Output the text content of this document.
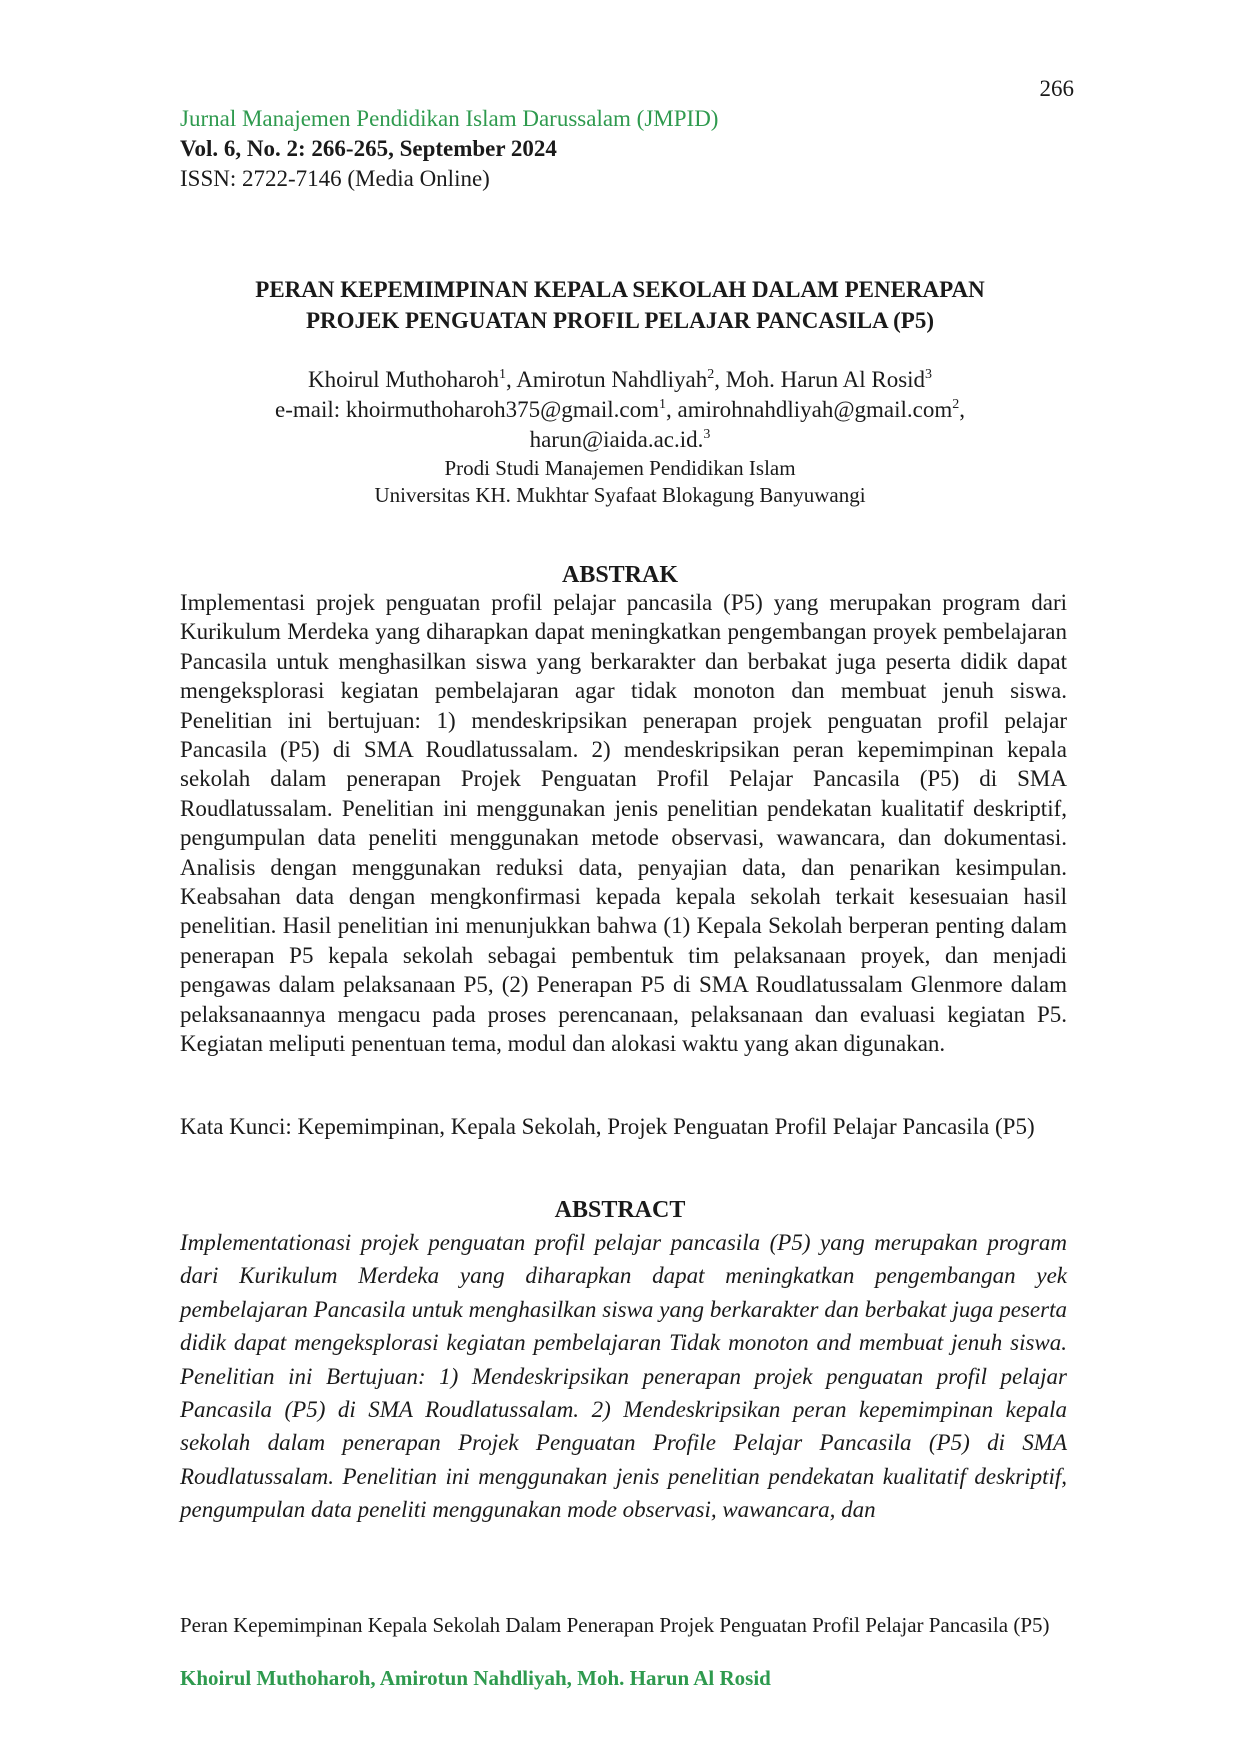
266
Jurnal Manajemen Pendidikan Islam Darussalam (JMPID)
Vol. 6, No. 2: 266-265, September 2024
ISSN: 2722-7146 (Media Online)
PERAN KEPEMIMPINAN KEPALA SEKOLAH DALAM PENERAPAN
PROJEK PENGUATAN PROFIL PELAJAR PANCASILA (P5)
Khoirul Muthoharoh$^1$, Amirotun Nahdliyah$^2$, Moh. Harun Al Rosid$^3$
e-mail: khoirmuthoharoh375@gmail.com$^1$, amirohnahdliyah@gmail.com$^2$,
harun@iaida.ac.id.$^3$
Prodi Studi Manajemen Pendidikan Islam
Universitas KH. Mukhtar Syafaat Blokagung Banyuwangi
ABSTRAK
Implementasi projek penguatan profil pelajar pancasila (P5) yang merupakan program dari Kurikulum Merdeka yang diharapkan dapat meningkatkan pengembangan proyek pembelajaran Pancasila untuk menghasilkan siswa yang berkarakter dan berbakat juga peserta didik dapat mengeksplorasi kegiatan pembelajaran agar tidak monoton dan membuat jenuh siswa. Penelitian ini bertujuan: 1) mendeskripsikan penerapan projek penguatan profil pelajar Pancasila (P5) di SMA Roudlatussalam. 2) mendeskripsikan peran kepemimpinan kepala sekolah dalam penerapan Projek Penguatan Profil Pelajar Pancasila (P5) di SMA Roudlatussalam. Penelitian ini menggunakan jenis penelitian pendekatan kualitatif deskriptif, pengumpulan data peneliti menggunakan metode observasi, wawancara, dan dokumentasi. Analisis dengan menggunakan reduksi data, penyajian data, dan penarikan kesimpulan. Keabsahan data dengan mengkonfirmasi kepada kepala sekolah terkait kesesuaian hasil penelitian. Hasil penelitian ini menunjukkan bahwa (1) Kepala Sekolah berperan penting dalam penerapan P5 kepala sekolah sebagai pembentuk tim pelaksanaan proyek, dan menjadi pengawas dalam pelaksanaan P5, (2) Penerapan P5 di SMA Roudlatussalam Glenmore dalam pelaksanaannya mengacu pada proses perencanaan, pelaksanaan dan evaluasi kegiatan P5. Kegiatan meliputi penentuan tema, modul dan alokasi waktu yang akan digunakan.
Kata Kunci: Kepemimpinan, Kepala Sekolah, Projek Penguatan Profil Pelajar Pancasila (P5)
ABSTRACT
Implementationasi projek penguatan profil pelajar pancasila (P5) yang merupakan program dari Kurikulum Merdeka yang diharapkan dapat meningkatkan pengembangan yek pembelajaran Pancasila untuk menghasilkan siswa yang berkarakter dan berbakat juga peserta didik dapat mengeksplorasi kegiatan pembelajaran Tidak monoton and membuat jenuh siswa. Penelitian ini Bertujuan: 1) Mendeskripsikan penerapan projek penguatan profil pelajar Pancasila (P5) di SMA Roudlatussalam. 2) Mendeskripsikan peran kepemimpinan kepala sekolah dalam penerapan Projek Penguatan Profile Pelajar Pancasila (P5) di SMA Roudlatussalam. Penelitian ini menggunakan jenis penelitian pendekatan kualitatif deskriptif, pengumpulan data peneliti menggunakan mode observasi, wawancara, dan
Peran Kepemimpinan Kepala Sekolah Dalam Penerapan Projek Penguatan Profil Pelajar Pancasila (P5)
Khoirul Muthoharoh, Amirotun Nahdliyah, Moh. Harun Al Rosid
